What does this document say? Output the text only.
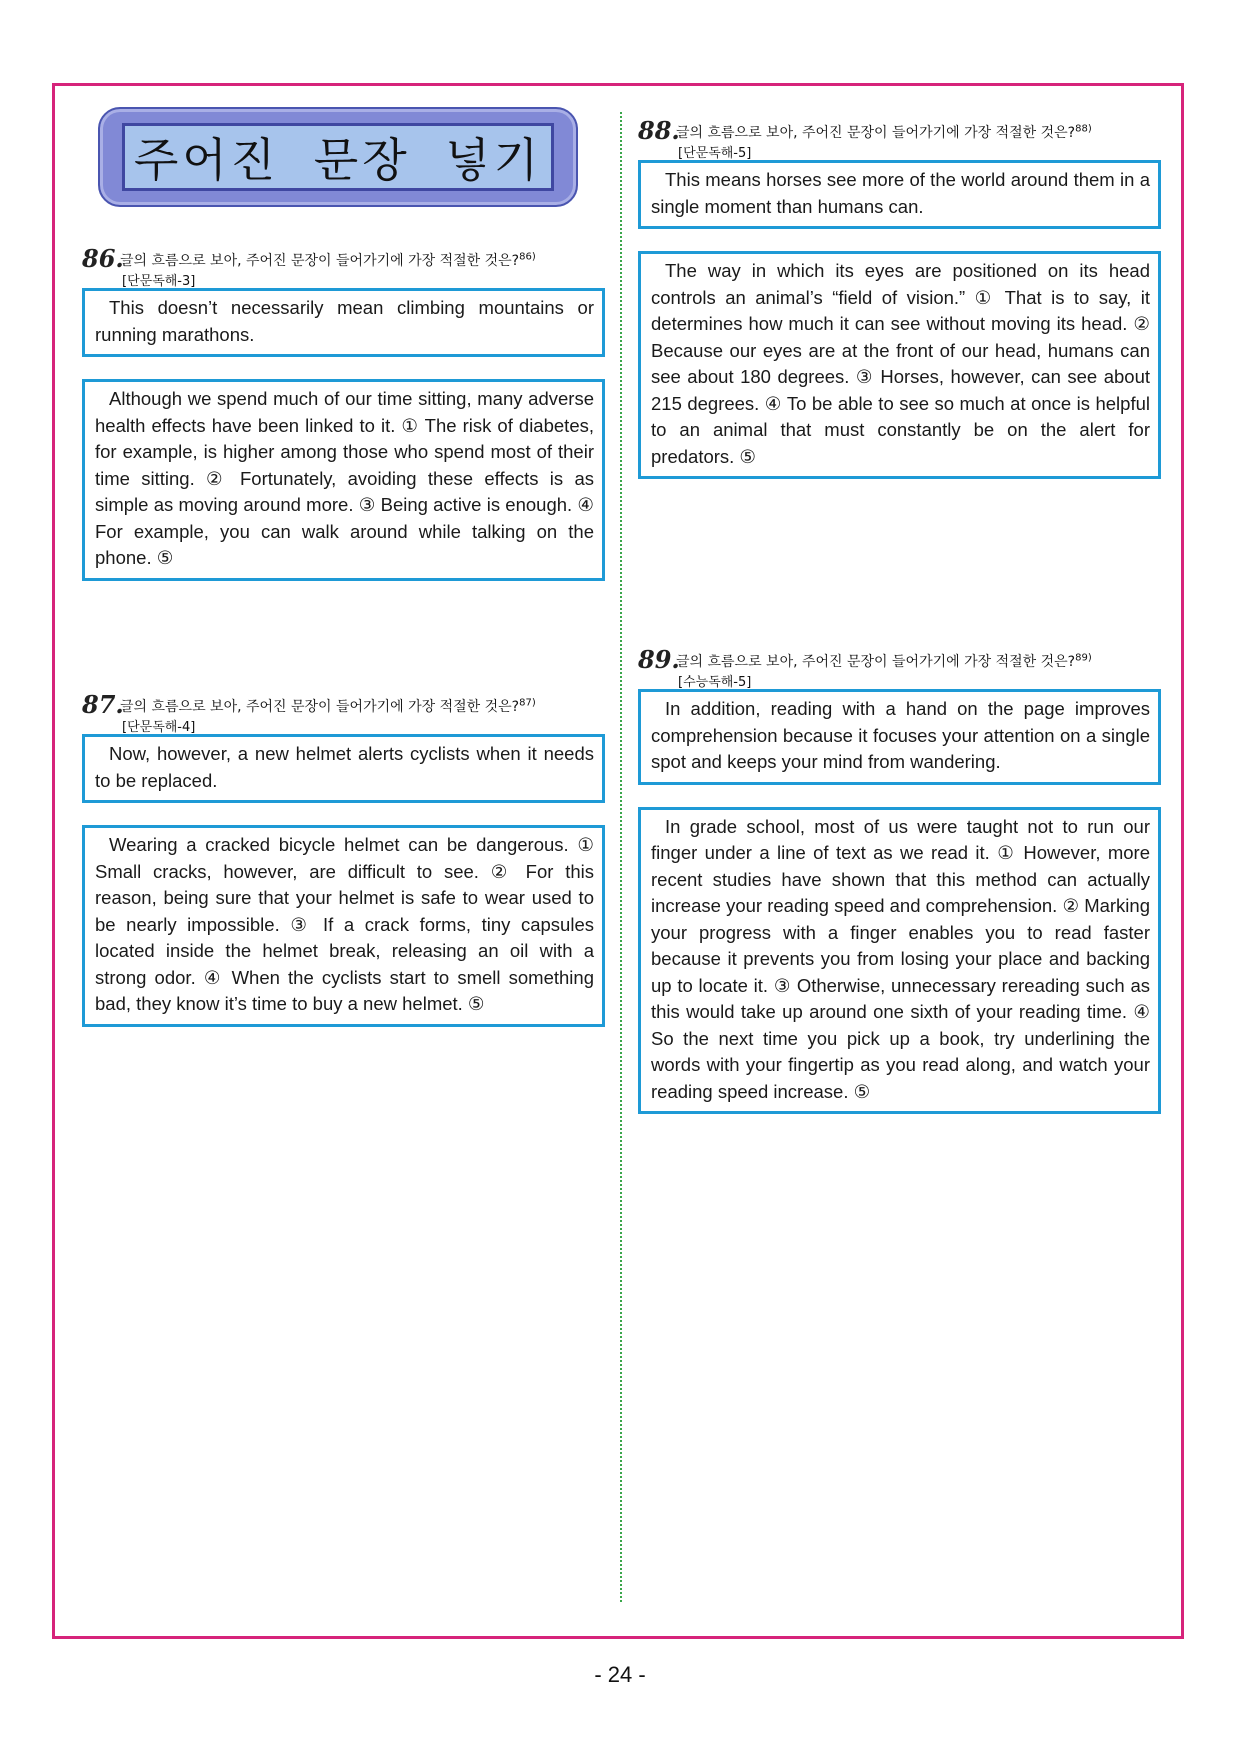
주어진 문장 넣기
86.
글의 흐름으로 보아, 주어진 문장이 들어가기에 가장 적절한 것은?$^{86)}$
[단문독해-3]

This doesn’t necessarily mean climbing mountains or running marathons.

Although we spend much of our time sitting, many adverse health effects have been linked to it. ① The risk of diabetes, for example, is higher among those who spend most of their time sitting. ② Fortunately, avoiding these effects is as simple as moving around more. ③ Being active is enough. ④ For example, you can walk around while talking on the phone. ⑤

87.
글의 흐름으로 보아, 주어진 문장이 들어가기에 가장 적절한 것은?$^{87)}$
[단문독해-4]

Now, however, a new helmet alerts cyclists when it needs to be replaced.

Wearing a cracked bicycle helmet can be dangerous. ① Small cracks, however, are difficult to see. ② For this reason, being sure that your helmet is safe to wear used to be nearly impossible. ③ If a crack forms, tiny capsules located inside the helmet break, releasing an oil with a strong odor. ④ When the cyclists start to smell something bad, they know it’s time to buy a new helmet. ⑤

88.
글의 흐름으로 보아, 주어진 문장이 들어가기에 가장 적절한 것은?$^{88)}$
[단문독해-5]

This means horses see more of the world around them in a single moment than humans can.

The way in which its eyes are positioned on its head controls an animal’s “field of vision.” ① That is to say, it determines how much it can see without moving its head. ② Because our eyes are at the front of our head, humans can see about 180 degrees. ③ Horses, however, can see about 215 degrees. ④ To be able to see so much at once is helpful to an animal that must constantly be on the alert for predators. ⑤

89.
글의 흐름으로 보아, 주어진 문장이 들어가기에 가장 적절한 것은?$^{89)}$
[수능독해-5]

In addition, reading with a hand on the page improves comprehension because it focuses your attention on a single spot and keeps your mind from wandering.

In grade school, most of us were taught not to run our finger under a line of text as we read it. ① However, more recent studies have shown that this method can actually increase your reading speed and comprehension. ② Marking your progress with a finger enables you to read faster because it prevents you from losing your place and backing up to locate it. ③ Otherwise, unnecessary rereading such as this would take up around one sixth of your reading time. ④ So the next time you pick up a book, try underlining the words with your fingertip as you read along, and watch your reading speed increase. ⑤

- 24 -
